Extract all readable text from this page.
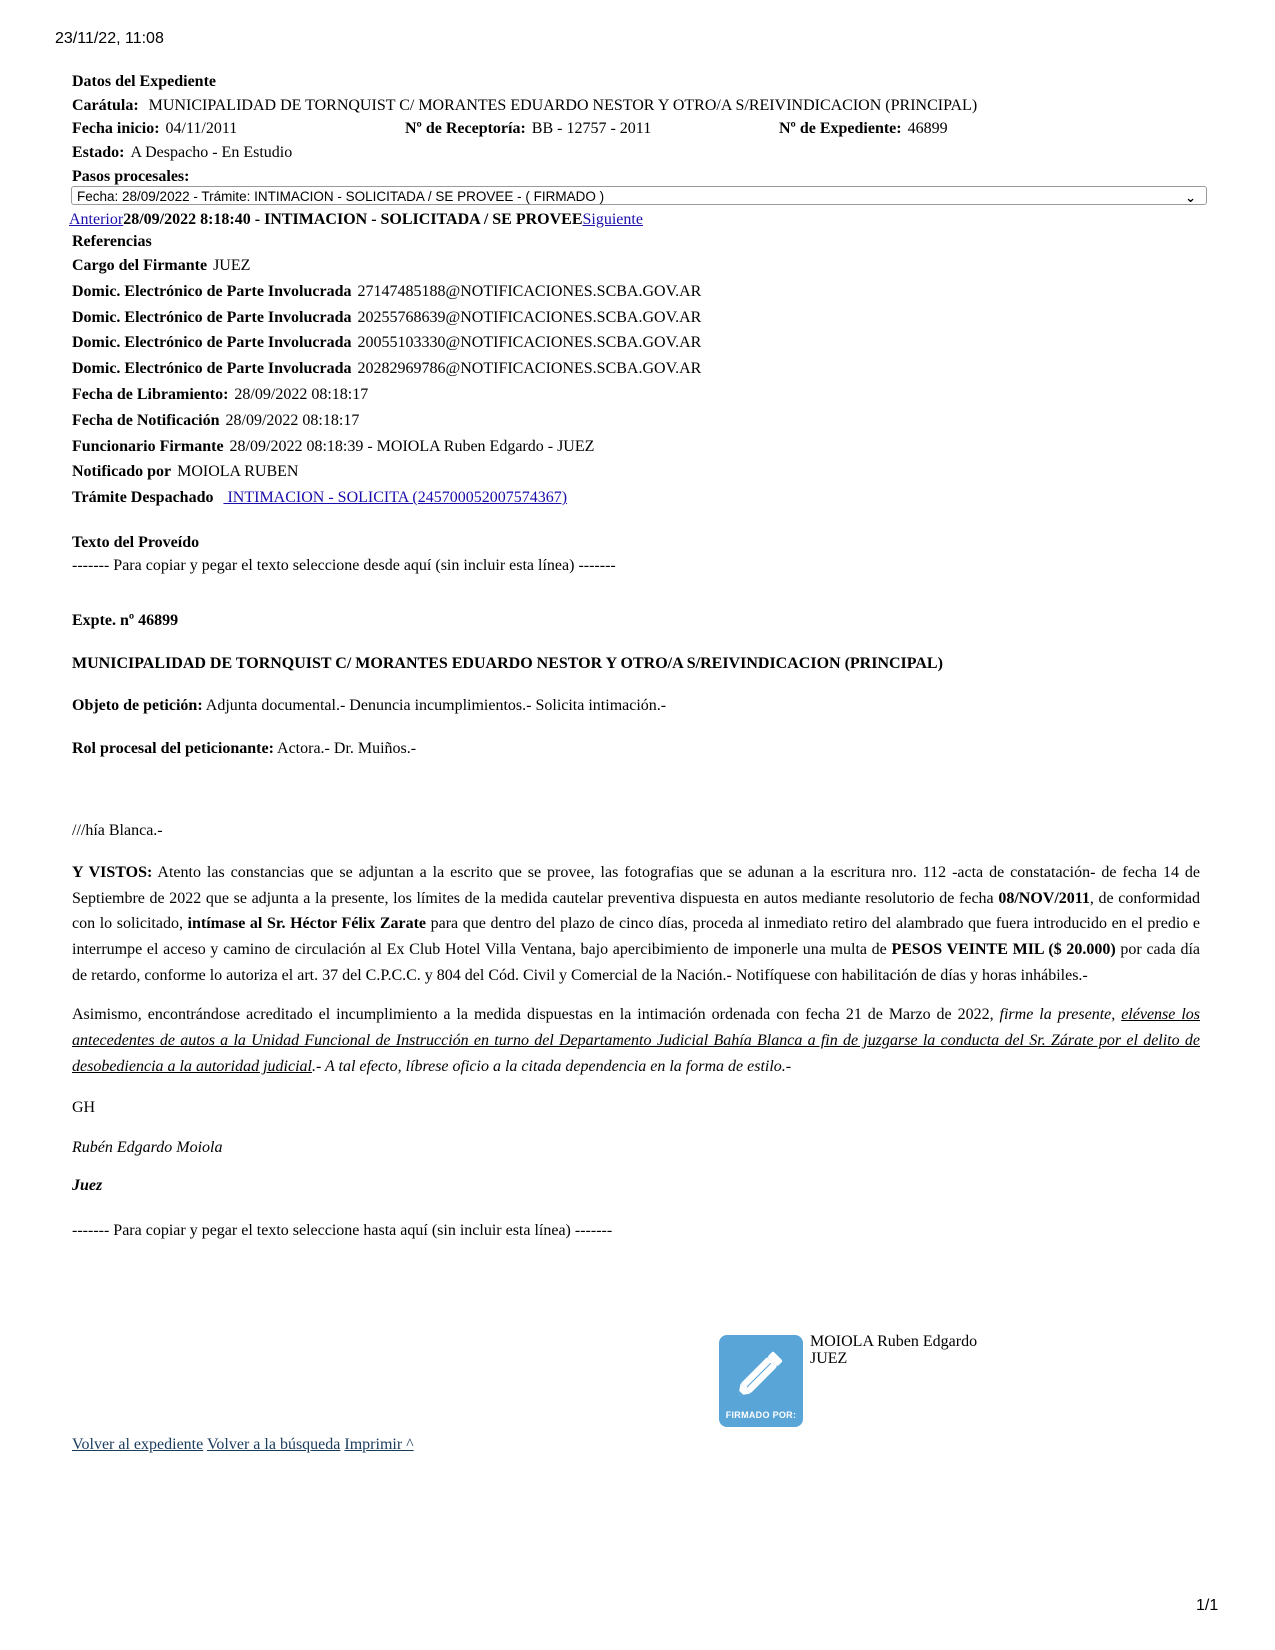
23/11/22, 11:08
Datos del Expediente
Carátula: MUNICIPALIDAD DE TORNQUIST C/ MORANTES EDUARDO NESTOR Y OTRO/A S/REIVINDICACION (PRINCIPAL)
Fecha inicio: 04/11/2011	Nº de Receptoría: BB - 12757 - 2011	Nº de Expediente: 46899
Estado: A Despacho - En Estudio
Pasos procesales:
Fecha: 28/09/2022 - Trámite: INTIMACION - SOLICITADA / SE PROVEE - ( FIRMADO )	⌄
Anterior28/09/2022 8:18:40 - INTIMACION - SOLICITADA / SE PROVEESiguiente
Referencias
Cargo del Firmante JUEZ
Domic. Electrónico de Parte Involucrada 27147485188@NOTIFICACIONES.SCBA.GOV.AR
Domic. Electrónico de Parte Involucrada 20255768639@NOTIFICACIONES.SCBA.GOV.AR
Domic. Electrónico de Parte Involucrada 20055103330@NOTIFICACIONES.SCBA.GOV.AR
Domic. Electrónico de Parte Involucrada 20282969786@NOTIFICACIONES.SCBA.GOV.AR
Fecha de Libramiento: 28/09/2022 08:18:17
Fecha de Notificación 28/09/2022 08:18:17
Funcionario Firmante 28/09/2022 08:18:39 - MOIOLA Ruben Edgardo - JUEZ
Notificado por MOIOLA RUBEN
Trámite Despachado  INTIMACION - SOLICITA (245700052007574367)
Texto del Proveído
------- Para copiar y pegar el texto seleccione desde aquí (sin incluir esta línea) -------
Expte. nº 46899
MUNICIPALIDAD DE TORNQUIST C/ MORANTES EDUARDO NESTOR Y OTRO/A S/REIVINDICACION (PRINCIPAL)
Objeto de petición: Adjunta documental.- Denuncia incumplimientos.- Solicita intimación.-
Rol procesal del peticionante: Actora.- Dr. Muiños.-
///hía Blanca.-
Y VISTOS: Atento las constancias que se adjuntan a la escrito que se provee, las fotografias que se adunan a la escritura nro. 112 -acta de constatación- de fecha 14 de Septiembre de 2022 que se adjunta a la presente, los límites de la medida cautelar preventiva dispuesta en autos mediante resolutorio de fecha 08/NOV/2011, de conformidad con lo solicitado, intímase al Sr. Héctor Félix Zarate para que dentro del plazo de cinco días, proceda al inmediato retiro del alambrado que fuera introducido en el predio e interrumpe el acceso y camino de circulación al Ex Club Hotel Villa Ventana, bajo apercibimiento de imponerle una multa de PESOS VEINTE MIL ($ 20.000) por cada día de retardo, conforme lo autoriza el art. 37 del C.P.C.C. y 804 del Cód. Civil y Comercial de la Nación.- Notifíquese con habilitación de días y horas inhábiles.-
Asimismo, encontrándose acreditado el incumplimiento a la medida dispuestas en la intimación ordenada con fecha 21 de Marzo de 2022, firme la presente, elévense los antecedentes de autos a la Unidad Funcional de Instrucción en turno del Departamento Judicial Bahía Blanca a fin de juzgarse la conducta del Sr. Zárate por el delito de desobediencia a la autoridad judicial.- A tal efecto, líbrese oficio a la citada dependencia en la forma de estilo.-
GH
Rubén Edgardo Moiola
Juez
------- Para copiar y pegar el texto seleccione hasta aquí (sin incluir esta línea) -------
FIRMADO POR:
MOIOLA Ruben Edgardo
JUEZ
Volver al expediente Volver a la búsqueda Imprimir ^
1/1
